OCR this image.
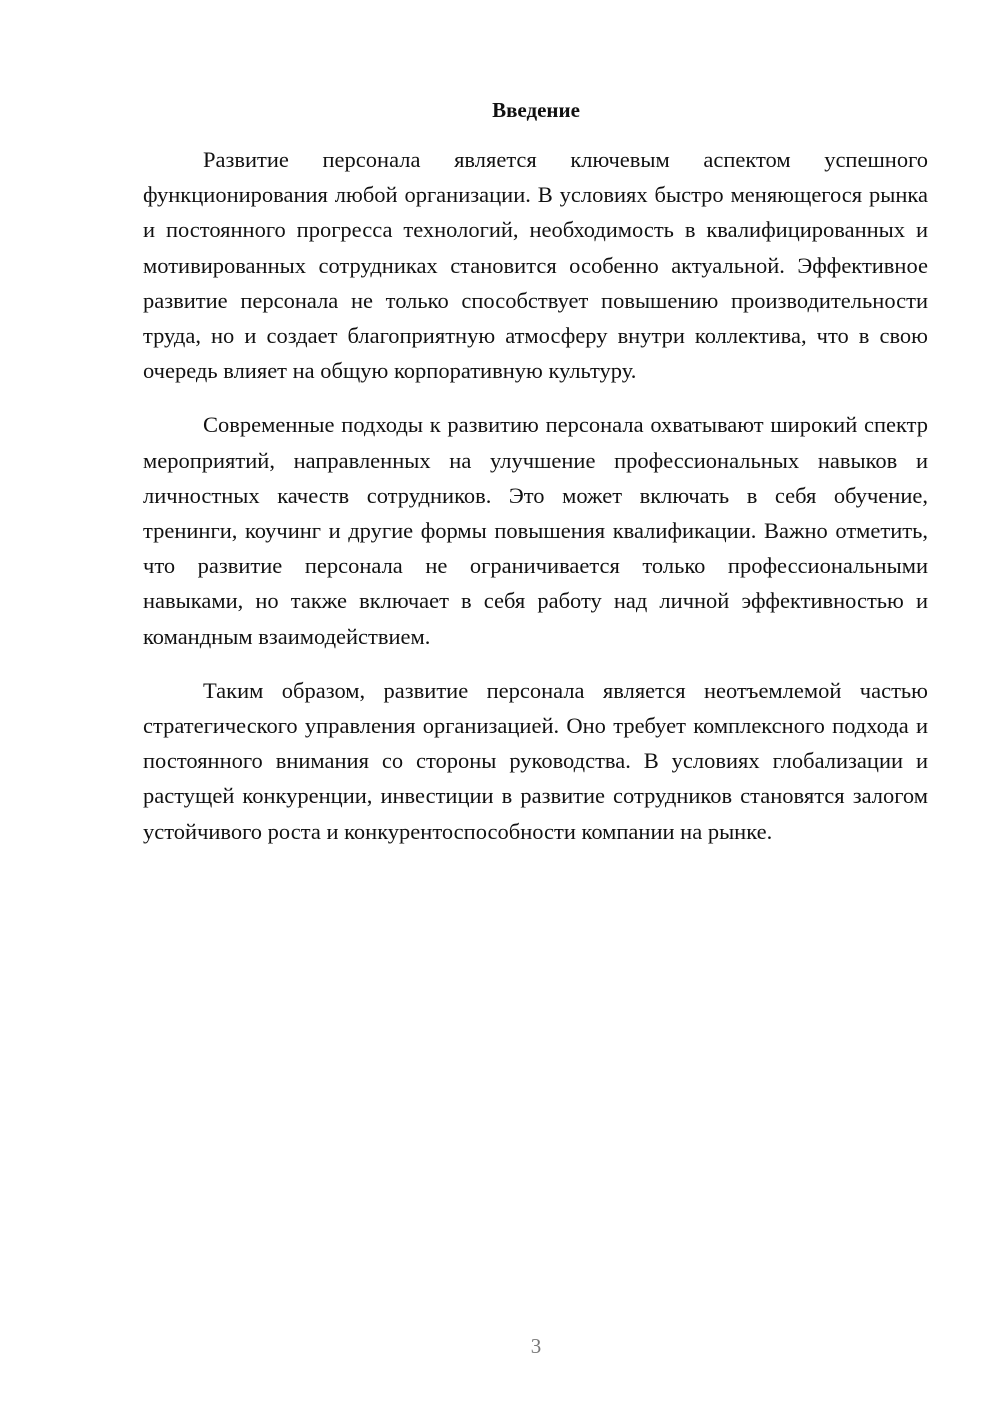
Введение

Развитие персонала является ключевым аспектом успешного функционирования любой организации. В условиях быстро меняющегося рынка и постоянного прогресса технологий, необходимость в квалифицированных и мотивированных сотрудниках становится особенно актуальной. Эффективное развитие персонала не только способствует повышению производительности труда, но и создает благоприятную атмосферу внутри коллектива, что в свою очередь влияет на общую корпоративную культуру.

Современные подходы к развитию персонала охватывают широкий спектр мероприятий, направленных на улучшение профессиональных навыков и личностных качеств сотрудников. Это может включать в себя обучение, тренинги, коучинг и другие формы повышения квалификации. Важно отметить, что развитие персонала не ограничивается только профессиональными навыками, но также включает в себя работу над личной эффективностью и командным взаимодействием.

Таким образом, развитие персонала является неотъемлемой частью стратегического управления организацией. Оно требует комплексного подхода и постоянного внимания со стороны руководства. В условиях глобализации и растущей конкуренции, инвестиции в развитие сотрудников становятся залогом устойчивого роста и конкурентоспособности компании на рынке.

3
